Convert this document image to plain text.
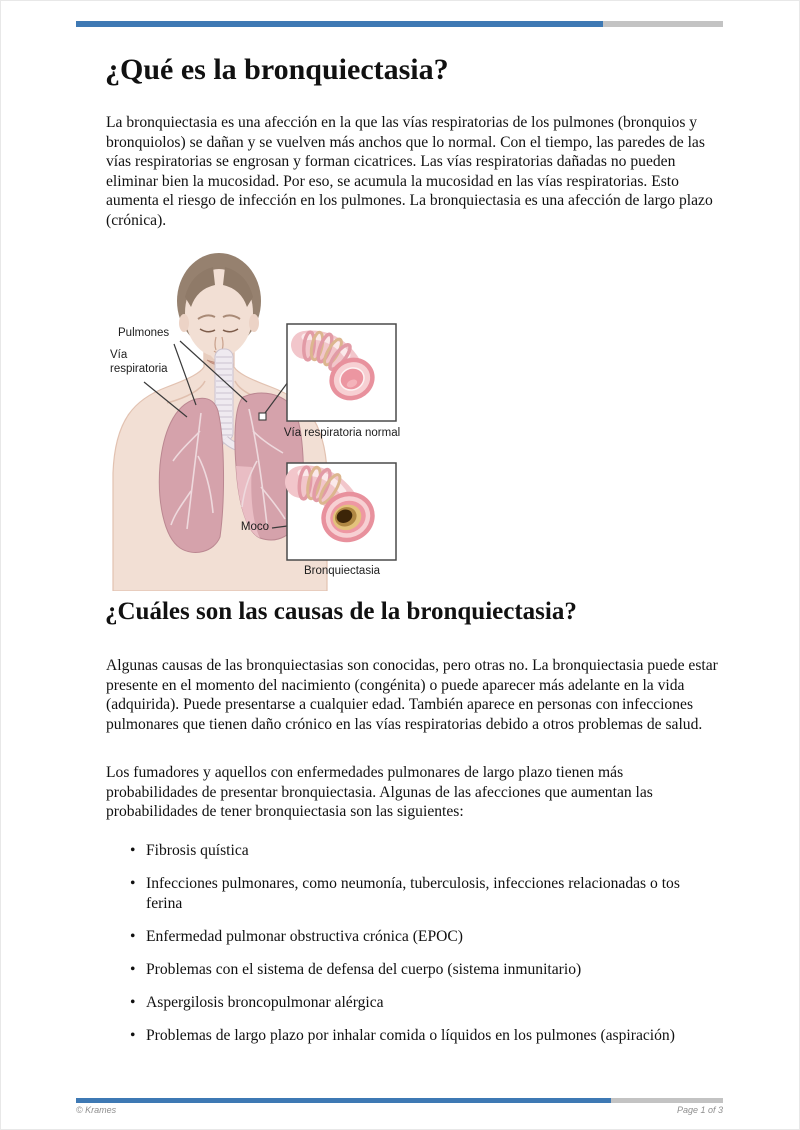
¿Qué es la bronquiectasia?

La bronquiectasia es una afección en la que las vías respiratorias de los pulmones (bronquios y bronquiolos) se dañan y se vuelven más anchos que lo normal. Con el tiempo, las paredes de las vías respiratorias se engrosan y forman cicatrices. Las vías respiratorias dañadas no pueden eliminar bien la mucosidad. Por eso, se acumula la mucosidad en las vías respiratorias. Esto aumenta el riesgo de infección en los pulmones. La bronquiectasia es una afección de largo plazo (crónica).

Pulmones
Vía respiratoria
Vía respiratoria normal
Moco
Bronquiectasia
¿Cuáles son las causas de la bronquiectasia?

Algunas causas de las bronquiectasias son conocidas, pero otras no. La bronquiectasia puede estar presente en el momento del nacimiento (congénita) o puede aparecer más adelante en la vida (adquirida). Puede presentarse a cualquier edad. También aparece en personas con infecciones pulmonares que tienen daño crónico en las vías respiratorias debido a otros problemas de salud.

Los fumadores y aquellos con enfermedades pulmonares de largo plazo tienen más probabilidades de presentar bronquiectasia. Algunas de las afecciones que aumentan las probabilidades de tener bronquiectasia son las siguientes:

• Fibrosis quística
• Infecciones pulmonares, como neumonía, tuberculosis, infecciones relacionadas o tos ferina
• Enfermedad pulmonar obstructiva crónica (EPOC)
• Problemas con el sistema de defensa del cuerpo (sistema inmunitario)
• Aspergilosis broncopulmonar alérgica
• Problemas de largo plazo por inhalar comida o líquidos en los pulmones (aspiración)
© Krames	Page 1 of 3
